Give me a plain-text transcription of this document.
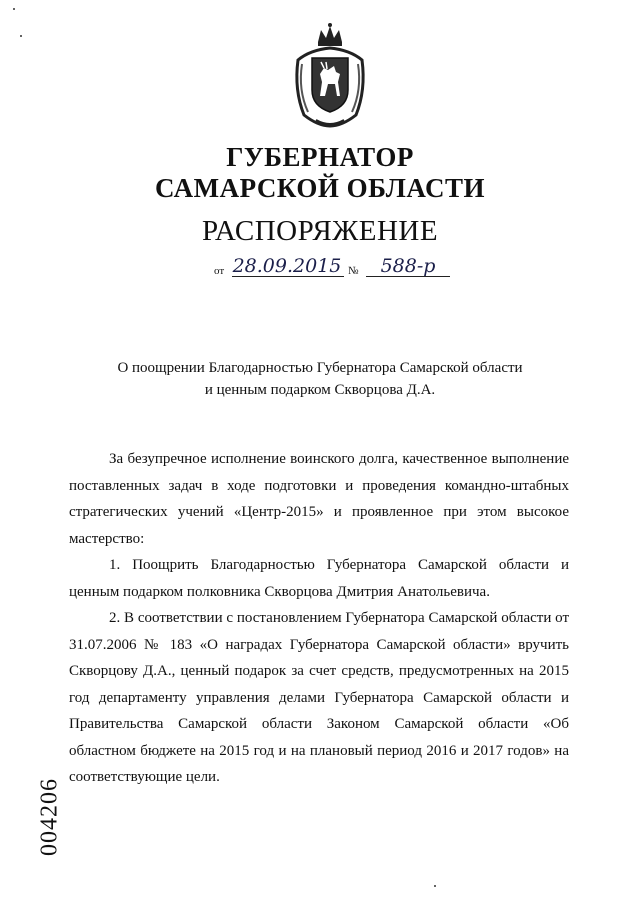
ГУБЕРНАТОР
САМАРСКОЙ ОБЛАСТИ
РАСПОРЯЖЕНИЕ
от 28.09.2015 №	588-р
О поощрении Благодарностью Губернатора Самарской области
и ценным подарком Скворцова Д.А.

За безупречное исполнение воинского долга, качественное выполнение поставленных задач в ходе подготовки и проведения командно-штабных стратегических учений «Центр-2015» и проявленное при этом высокое мастерство:

1. Поощрить Благодарностью Губернатора Самарской области и ценным подарком полковника Скворцова Дмитрия Анатольевича.

2. В соответствии с постановлением Губернатора Самарской области от 31.07.2006 № 183 «О наградах Губернатора Самарской области» вручить Скворцову Д.А., ценный подарок за счет средств, предусмотренных на 2015 год департаменту управления делами Губернатора Самарской области и Правительства Самарской области Законом Самарской области «Об областном бюджете на 2015 год и на плановый период 2016 и 2017 годов» на соответствующие цели.

004206
